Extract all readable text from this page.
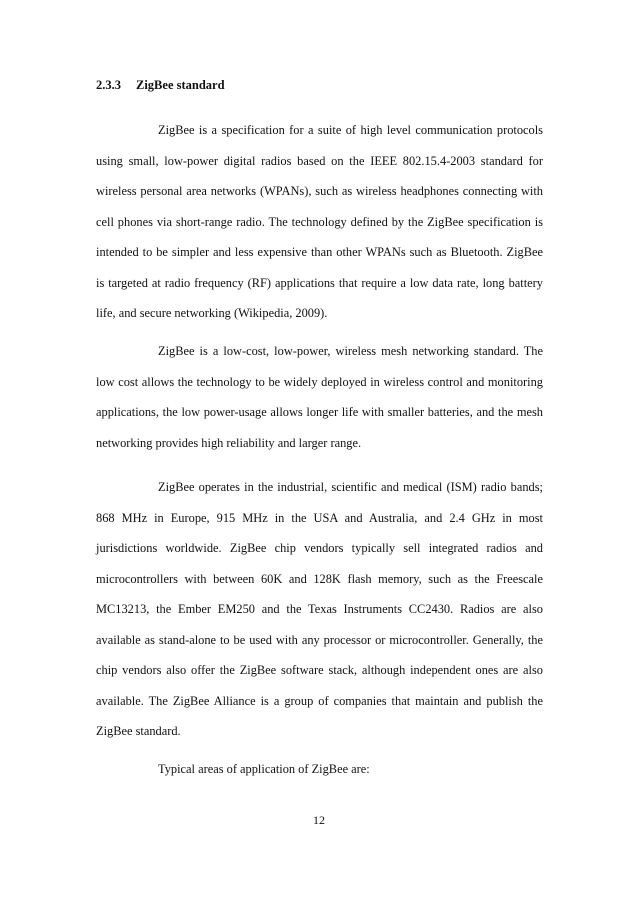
2.3.3 ZigBee standard

ZigBee is a specification for a suite of high level communication protocols using small, low-power digital radios based on the IEEE 802.15.4-2003 standard for wireless personal area networks (WPANs), such as wireless headphones connecting with cell phones via short-range radio. The technology defined by the ZigBee specification is intended to be simpler and less expensive than other WPANs such as Bluetooth. ZigBee is targeted at radio frequency (RF) applications that require a low data rate, long battery life, and secure networking (Wikipedia, 2009).

ZigBee is a low-cost, low-power, wireless mesh networking standard. The low cost allows the technology to be widely deployed in wireless control and monitoring applications, the low power-usage allows longer life with smaller batteries, and the mesh networking provides high reliability and larger range.

ZigBee operates in the industrial, scientific and medical (ISM) radio bands; 868 MHz in Europe, 915 MHz in the USA and Australia, and 2.4 GHz in most jurisdictions worldwide. ZigBee chip vendors typically sell integrated radios and microcontrollers with between 60K and 128K flash memory, such as the Freescale MC13213, the Ember EM250 and the Texas Instruments CC2430. Radios are also available as stand-alone to be used with any processor or microcontroller. Generally, the chip vendors also offer the ZigBee software stack, although independent ones are also available. The ZigBee Alliance is a group of companies that maintain and publish the ZigBee standard.

Typical areas of application of ZigBee are:
12
